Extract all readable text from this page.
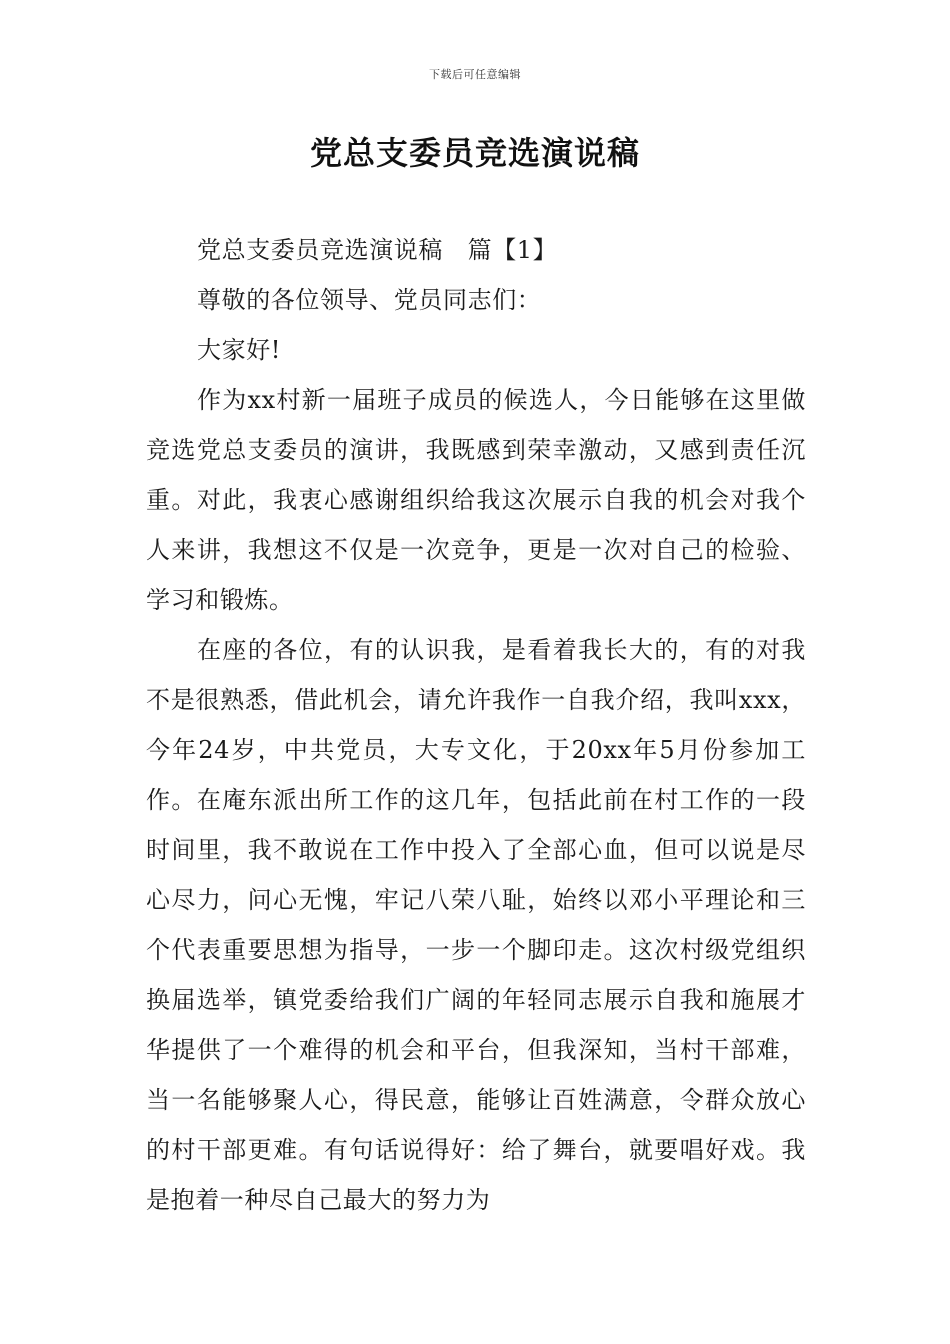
下载后可任意编辑
党总支委员竞选演说稿

党总支委员竞选演说稿　篇【1】

尊敬的各位领导、党员同志们：

大家好!

作为xx村新一届班子成员的候选人，今日能够在这里做竞选党总支委员的演讲，我既感到荣幸激动，又感到责任沉重。对此，我衷心感谢组织给我这次展示自我的机会对我个人来讲，我想这不仅是一次竞争，更是一次对自己的检验、学习和锻炼。

在座的各位，有的认识我，是看着我长大的，有的对我不是很熟悉，借此机会，请允许我作一自我介绍，我叫xxx，今年24岁，中共党员，大专文化，于20xx年5月份参加工作。在庵东派出所工作的这几年，包括此前在村工作的一段时间里，我不敢说在工作中投入了全部心血，但可以说是尽心尽力，问心无愧，牢记八荣八耻，始终以邓小平理论和三个代表重要思想为指导，一步一个脚印走。这次村级党组织换届选举，镇党委给我们广阔的年轻同志展示自我和施展才华提供了一个难得的机会和平台，但我深知，当村干部难，当一名能够聚人心，得民意，能够让百姓满意，令群众放心的村干部更难。有句话说得好：给了舞台，就要唱好戏。我是抱着一种尽自己最大的努力为
